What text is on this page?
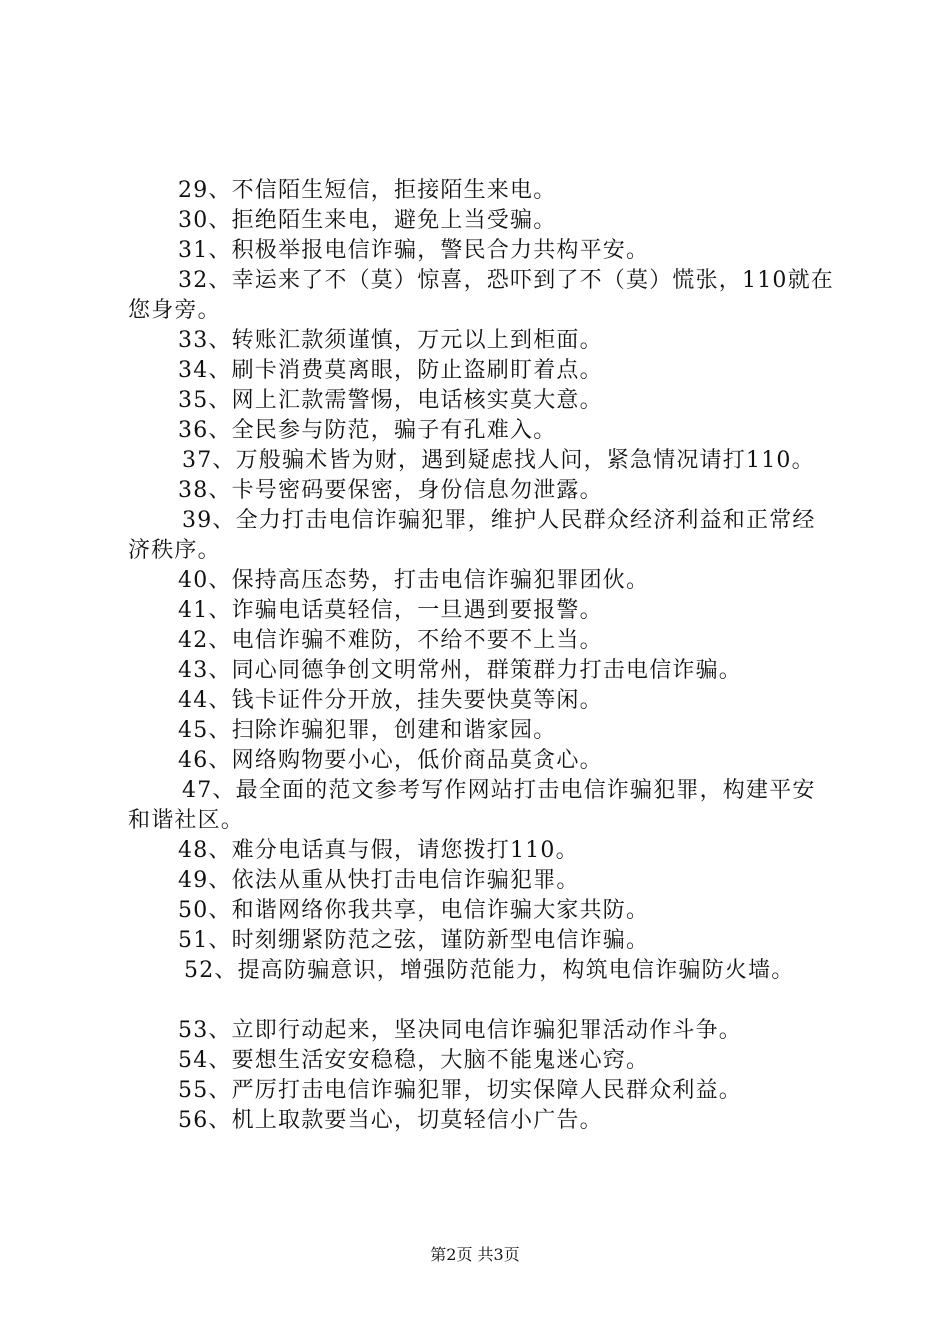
29、不信陌生短信，拒接陌生来电。

30、拒绝陌生来电，避免上当受骗。

31、积极举报电信诈骗，警民合力共构平安。

32、幸运来了不（莫）惊喜，恐吓到了不（莫）慌张，110就在您身旁。

33、转账汇款须谨慎，万元以上到柜面。

34、刷卡消费莫离眼，防止盗刷盯着点。

35、网上汇款需警惕，电话核实莫大意。

36、全民参与防范，骗子有孔难入。

37、万般骗术皆为财，遇到疑虑找人问，紧急情况请打110。

38、卡号密码要保密，身份信息勿泄露。

39、全力打击电信诈骗犯罪，维护人民群众经济利益和正常经济秩序。

40、保持高压态势，打击电信诈骗犯罪团伙。

41、诈骗电话莫轻信，一旦遇到要报警。

42、电信诈骗不难防，不给不要不上当。

43、同心同德争创文明常州，群策群力打击电信诈骗。

44、钱卡证件分开放，挂失要快莫等闲。

45、扫除诈骗犯罪，创建和谐家园。

46、网络购物要小心，低价商品莫贪心。

47、最全面的范文参考写作网站打击电信诈骗犯罪，构建平安和谐社区。

48、难分电话真与假，请您拨打110。

49、依法从重从快打击电信诈骗犯罪。

50、和谐网络你我共享，电信诈骗大家共防。

51、时刻绷紧防范之弦，谨防新型电信诈骗。

52、提高防骗意识，增强防范能力，构筑电信诈骗防火墙。

53、立即行动起来，坚决同电信诈骗犯罪活动作斗争。

54、要想生活安安稳稳，大脑不能鬼迷心窍。

55、严厉打击电信诈骗犯罪，切实保障人民群众利益。

56、机上取款要当心，切莫轻信小广告。

第2页 共3页
